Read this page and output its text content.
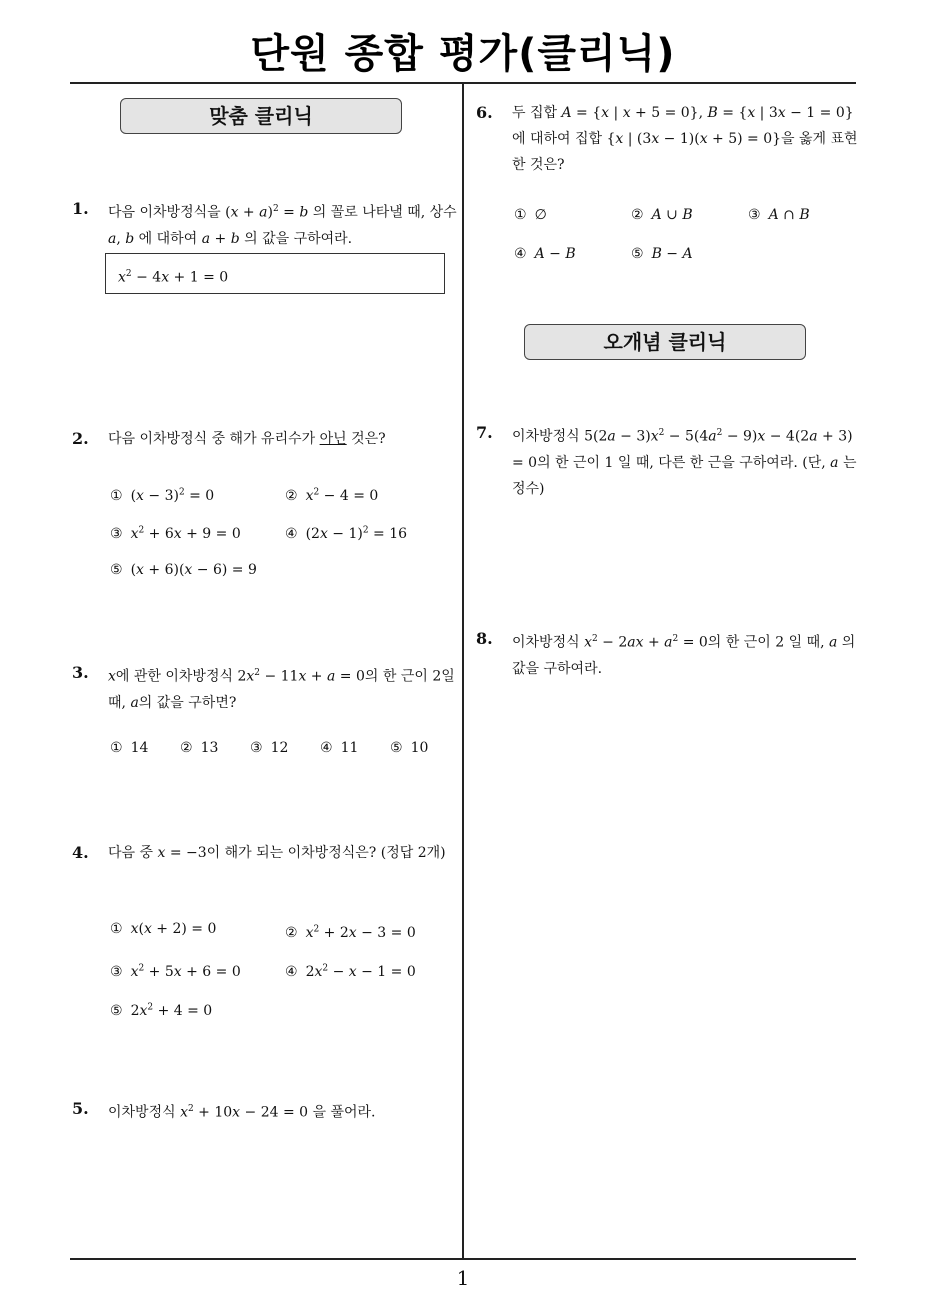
단원 종합 평가(클리닉)
1
맞춤 클리닉
오개념 클리닉
1. 다음 이차방정식을 $(x + a)^2 = b$ 의 꼴로 나타낼 때, 상수 a, b 에 대하여 a + b 의 값을 구하여라.
$x^2 - 4x + 1 = 0$
2. 다음 이차방정식 중 해가 유리수가 아닌 것은?
① $(x - 3)^2 = 0$	② $x^2 - 4 = 0$
③ $x^2 + 6x + 9 = 0$	④ $(2x - 1)^2 = 16$
⑤ (x + 6)(x − 6) = 9
3. x에 관한 이차방정식 $2x^2 - 11x + a = 0$의 한 근이 2일 때, a의 값을 구하면?
① 14 ② 13 ③ 12 ④ 11 ⑤ 10
4. 다음 중 x = −3이 해가 되는 이차방정식은? (정답 2개)
① x(x + 2) = 0	② $x^2 + 2x - 3 = 0$
③ $x^2 + 5x + 6 = 0$	④ $2x^2 - x - 1 = 0$
⑤ $2x^2 + 4 = 0$
5. 이차방정식 $x^2 + 10x - 24 = 0$ 을 풀어라.
6. 두 집합 A = {x | x + 5 = 0}, B = {x | 3x − 1 = 0}에 대하여 집합 {x | (3x − 1)(x + 5) = 0}을 옳게 표현한 것은?
① ∅	② A ∪ B	③ A ∩ B
④ A − B	⑤ B − A
7. 이차방정식 $5(2a - 3)x^2 - 5(4a^2 - 9)x - 4(2a + 3) = 0$의 한 근이 1 일 때, 다른 한 근을 구하여라. (단, a 는 정수)
8. 이차방정식 $x^2 - 2ax + a^2 = 0$의 한 근이 2 일 때, a 의 값을 구하여라.
